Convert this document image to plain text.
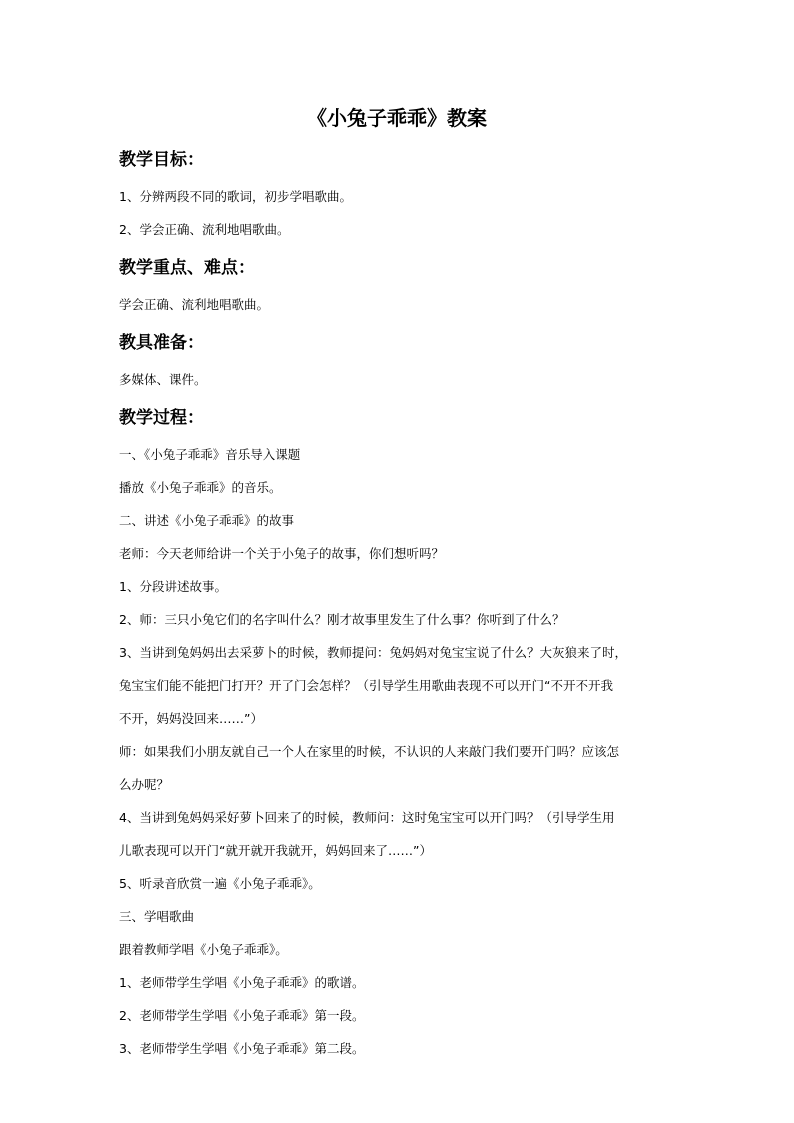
《小兔子乖乖》教案
教学目标：
1、分辨两段不同的歌词，初步学唱歌曲。
2、学会正确、流利地唱歌曲。
教学重点、难点：
学会正确、流利地唱歌曲。
教具准备：
多媒体、课件。
教学过程：
一、《小兔子乖乖》音乐导入课题
播放《小兔子乖乖》的音乐。
二、讲述《小兔子乖乖》的故事
老师：今天老师给讲一个关于小兔子的故事，你们想听吗？
1、分段讲述故事。
2、师：三只小兔它们的名字叫什么？刚才故事里发生了什么事？你听到了什么？
3、当讲到兔妈妈出去采萝卜的时候，教师提问：兔妈妈对兔宝宝说了什么？大灰狼来了时，
兔宝宝们能不能把门打开？开了门会怎样？（引导学生用歌曲表现不可以开门“不开不开我
不开，妈妈没回来……”）
师：如果我们小朋友就自己一个人在家里的时候，不认识的人来敲门我们要开门吗？应该怎
么办呢？
4、当讲到兔妈妈采好萝卜回来了的时候，教师问：这时兔宝宝可以开门吗？（引导学生用
儿歌表现可以开门“就开就开我就开，妈妈回来了……”）
5、听录音欣赏一遍《小兔子乖乖》。
三、学唱歌曲
跟着教师学唱《小兔子乖乖》。
1、老师带学生学唱《小兔子乖乖》的歌谱。
2、老师带学生学唱《小兔子乖乖》第一段。
3、老师带学生学唱《小兔子乖乖》第二段。
